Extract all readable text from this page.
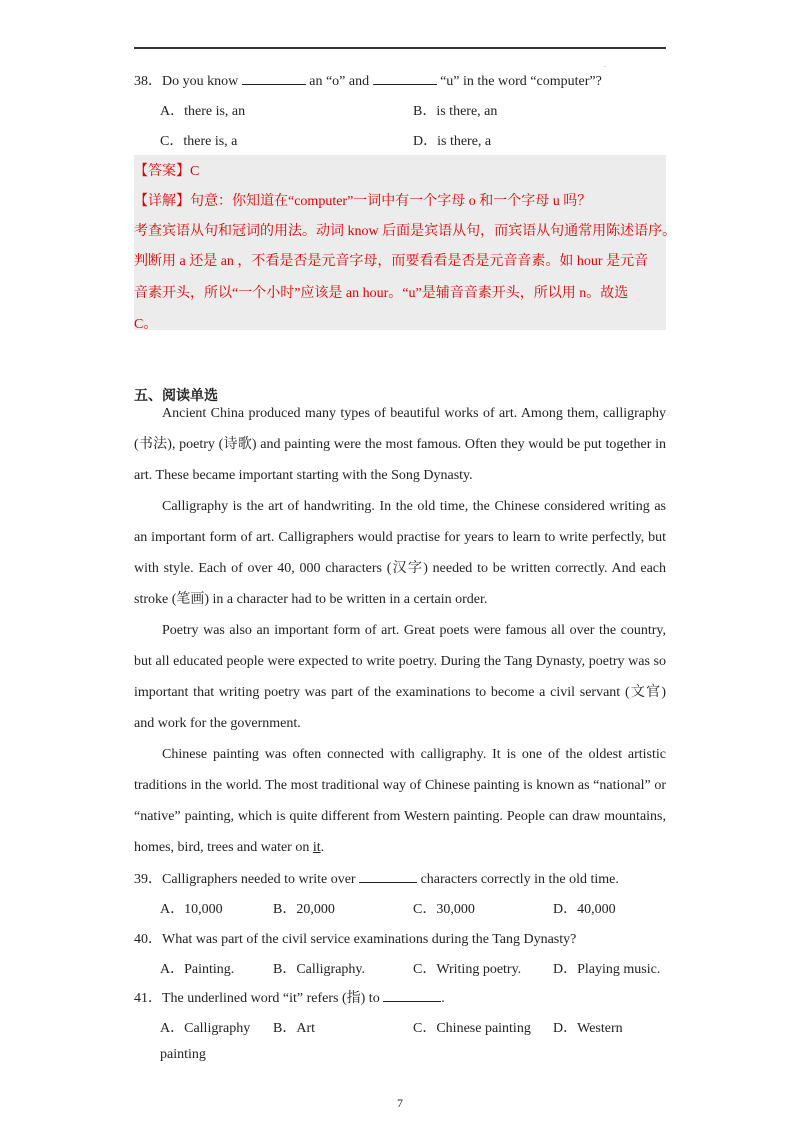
.
38．Do you know	an “o” and	“u” in the word “computer”?
A．there is, an	B．is there, an
C．there is, a	D．is there, a
【答案】C
【详解】句意：你知道在“computer”一词中有一个字母 o 和一个字母 u 吗？
考查宾语从句和冠词的用法。动词 know 后面是宾语从句，而宾语从句通常用陈述语序。
判断用 a 还是 an ，不看是否是元音字母，而要看看是否是元音音素。如 hour 是元音
音素开头，所以“一个小时”应该是 an hour。“u”是辅音音素开头，所以用 n。故选
C。
五、阅读单选

Ancient China produced many types of beautiful works of art. Among them, calligraphy (书法), poetry (诗歌) and painting were the most famous. Often they would be put together in art. These became important starting with the Song Dynasty.

Calligraphy is the art of handwriting. In the old time, the Chinese considered writing as an important form of art. Calligraphers would practise for years to learn to write perfectly, but with style. Each of over 40, 000 characters (汉字) needed to be written correctly. And each stroke (笔画) in a character had to be written in a certain order.

Poetry was also an important form of art. Great poets were famous all over the country, but all educated people were expected to write poetry. During the Tang Dynasty, poetry was so important that writing poetry was part of the examinations to become a civil servant (文官) and work for the government.

Chinese painting was often connected with calligraphy. It is one of the oldest artistic traditions in the world. The most traditional way of Chinese painting is known as “national” or “native” painting, which is quite different from Western painting. People can draw mountains, homes, bird, trees and water on it.

39．Calligraphers needed to write over	characters correctly in the old time.
A．10,000	B．20,000	C．30,000	D．40,000
40．What was part of the civil service examinations during the Tang Dynasty?
A．Painting.	B．Calligraphy.	C．Writing poetry. D．Playing music.
41．The underlined word “it” refers (指) to	.
A．Calligraphy B．Art	C．Chinese painting D．Western
painting
7
